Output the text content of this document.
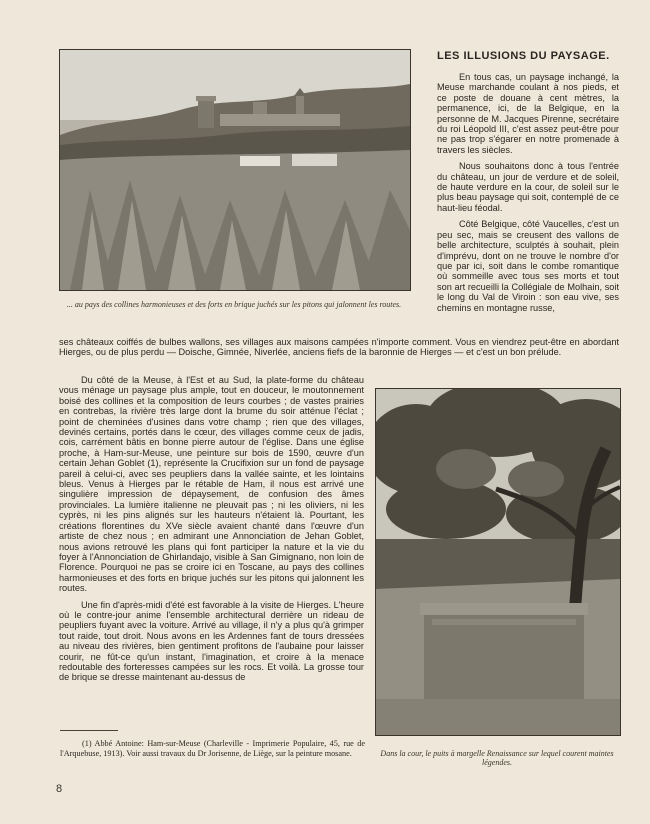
... au pays des collines harmonieuses et des forts en brique juchés sur les pitons qui jalonnent les routes.
LES ILLUSIONS DU PAYSAGE.

En tous cas, un paysage inchangé, la Meuse marchande coulant à nos pieds, et ce poste de douane à cent mètres, la permanence, ici, de la Belgique, en la personne de M. Jacques Pirenne, secrétaire du roi Léopold III, c'est assez peut-être pour ne pas trop s'égarer en notre promenade à travers les siècles.

Nous souhaitons donc à tous l'entrée du château, un jour de verdure et de soleil, de haute verdure en la cour, de soleil sur le plus beau paysage qui soit, contemplé de ce haut-lieu féodal.

Côté Belgique, côté Vaucelles, c'est un peu sec, mais se creusent des vallons de belle architecture, sculptés à souhait, plein d'imprévu, dont on ne trouve le nombre d'or que par ici, soit dans le combe romantique où sommeille avec tous ses morts et tout son art recueilli la Collégiale de Molhain, soit le long du Val de Viroin : son eau vive, ses chemins en montagne russe,

ses châteaux coiffés de bulbes wallons, ses villages aux maisons campées n'importe comment. Vous en viendrez peut-être en abordant Hierges, ou de plus perdu — Doische, Gimnée, Niverlée, anciens fiefs de la baronnie de Hierges — et c'est un bon prélude.

Du côté de la Meuse, à l'Est et au Sud, la plate-forme du château vous ménage un paysage plus ample, tout en douceur, le moutonnement boisé des collines et la composition de leurs courbes ; de vastes prairies en contrebas, la rivière très large dont la brume du soir atténue l'éclat ; point de cheminées d'usines dans votre champ ; rien que des villages, devinés certains, portés dans le cœur, des villages comme ceux de jadis, cois, carrément bâtis en bonne pierre autour de l'église. Dans une église proche, à Ham-sur-Meuse, une peinture sur bois de 1590, œuvre d'un certain Jehan Goblet (1), représente la Crucifixion sur un fond de paysage pareil à celui-ci, avec ses peupliers dans la vallée sainte, et les lointains bleus. Venus à Hierges par le rétable de Ham, il nous est arrivé une singulière impression de dépaysement, de confusion des âmes provinciales. La lumière italienne ne pleuvait pas ; ni les oliviers, ni les cyprès, ni les pins alignés sur les hauteurs n'étaient là. Pourtant, les créations florentines du XVe siècle avaient chanté dans l'œuvre d'un artiste de chez nous ; en admirant une Annonciation de Jehan Goblet, nous avions retrouvé les plans qui font participer la nature et la vie du foyer à l'Annonciation de Ghirlandajo, visible à San Gimignano, non loin de Florence. Pourquoi ne pas se croire ici en Toscane, au pays des collines harmonieuses et des forts en brique juchés sur les pitons qui jalonnent les routes.

Une fin d'après-midi d'été est favorable à la visite de Hierges. L'heure où le contre-jour anime l'ensemble architectural derrière un rideau de peupliers fuyant avec la voiture. Arrivé au village, il n'y a plus qu'à grimper tout raide, tout droit. Nous avons en les Ardennes fant de tours dressées au niveau des rivières, bien gentiment profitons de l'aubaine pour laisser courir, ne fût-ce qu'un instant, l'imagination, et croire à la menace redoutable des forteresses campées sur les rocs. Et voilà. La grosse tour de brique se dresse maintenant au-dessus de

Dans la cour, le puits à margelle Renaissance sur lequel courent maintes légendes.

(1) Abbé Antoine: Ham-sur-Meuse (Charleville - Imprimerie Populaire, 45, rue de l'Arquebuse, 1913). Voir aussi travaux du Dr Jorisenne, de Liège, sur la peinture mosane.

8
